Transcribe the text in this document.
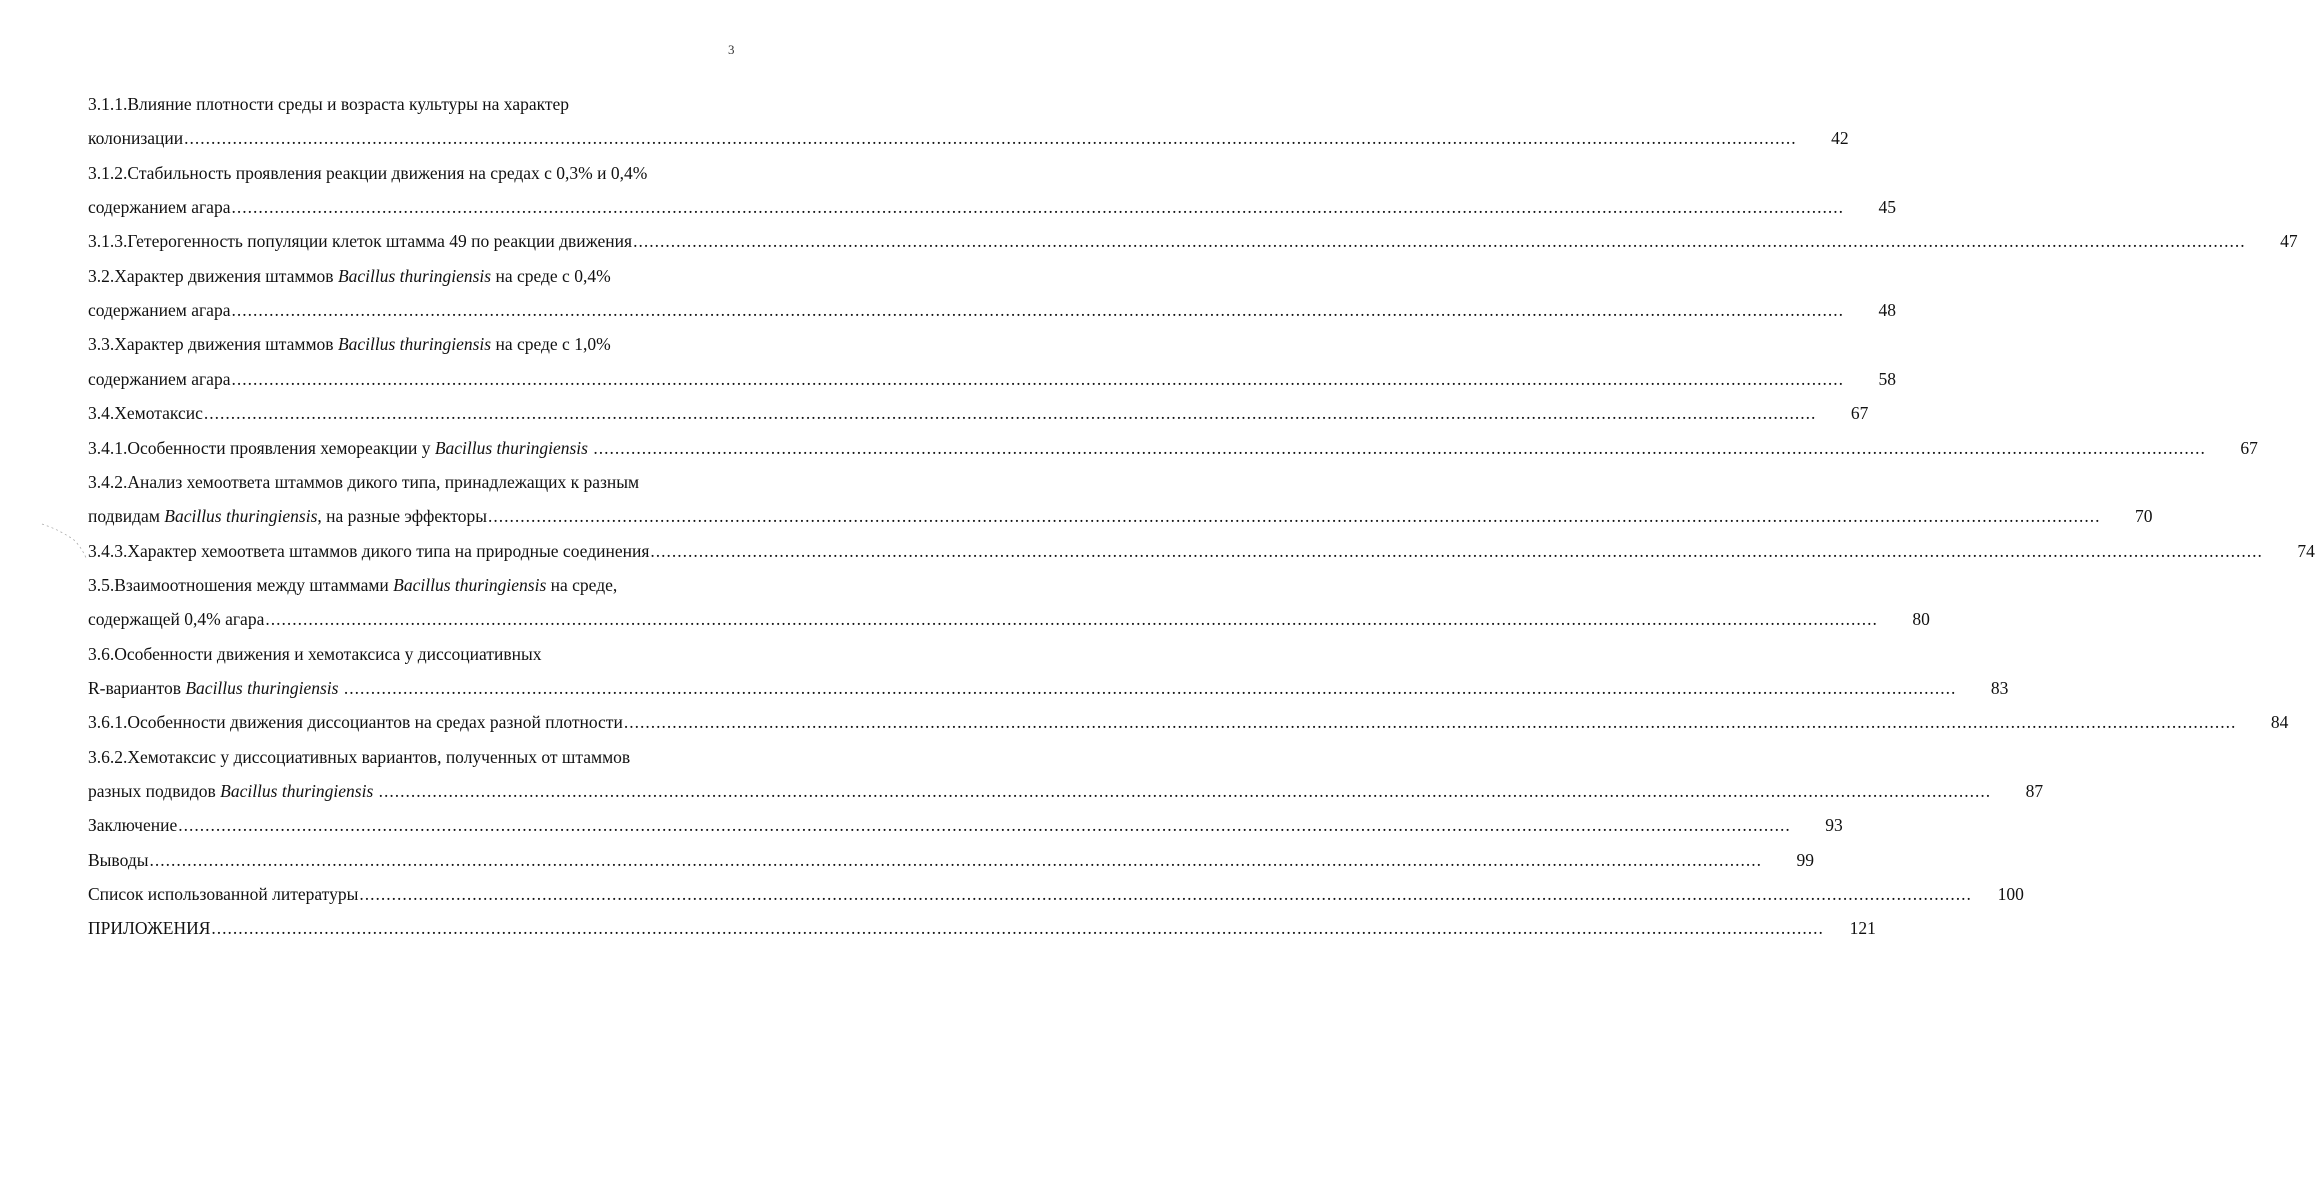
3
3.1.1.Влияние плотности среды и возраста культуры на характер
колонизации ............................................................................................................................................................................................................................................................................................................	42
3.1.2.Стабильность проявления реакции движения на средах с 0,3% и 0,4%
содержанием агара ............................................................................................................................................................................................................................................................................................................	45
3.1.3.Гетерогенность популяции клеток штамма 49 по реакции движения ............................................................................................................................................................................................................................................................................................................	47
3.2.Характер движения штаммов Bacillus thuringiensis на среде с 0,4%
содержанием агара ............................................................................................................................................................................................................................................................................................................	48
3.3.Характер движения штаммов Bacillus thuringiensis на среде с 1,0%
содержанием агара ............................................................................................................................................................................................................................................................................................................	58
3.4.Хемотаксис ............................................................................................................................................................................................................................................................................................................	67
3.4.1.Особенности проявления хемореакции у Bacillus thuringiensis ............................................................................................................................................................................................................................................................................................................	67
3.4.2.Анализ хемоответа штаммов дикого типа, принадлежащих к разным
подвидам Bacillus thuringiensis, на разные эффекторы ............................................................................................................................................................................................................................................................................................................	70
3.4.3.Характер хемоответа штаммов дикого типа на природные соединения ............................................................................................................................................................................................................................................................................................................	74
3.5.Взаимоотношения между штаммами Bacillus thuringiensis на среде,
содержащей 0,4% агара ............................................................................................................................................................................................................................................................................................................	80
3.6.Особенности движения и хемотаксиса у диссоциативных
R-вариантов Bacillus thuringiensis ............................................................................................................................................................................................................................................................................................................	83
3.6.1.Особенности движения диссоциантов на средах разной плотности ............................................................................................................................................................................................................................................................................................................	84
3.6.2.Хемотаксис у диссоциативных вариантов, полученных от штаммов
разных подвидов Bacillus thuringiensis ............................................................................................................................................................................................................................................................................................................	87
Заключение ............................................................................................................................................................................................................................................................................................................	93
Выводы ............................................................................................................................................................................................................................................................................................................	99
Список использованной литературы ............................................................................................................................................................................................................................................................................................................ 100
ПРИЛОЖЕНИЯ ............................................................................................................................................................................................................................................................................................................ 121
